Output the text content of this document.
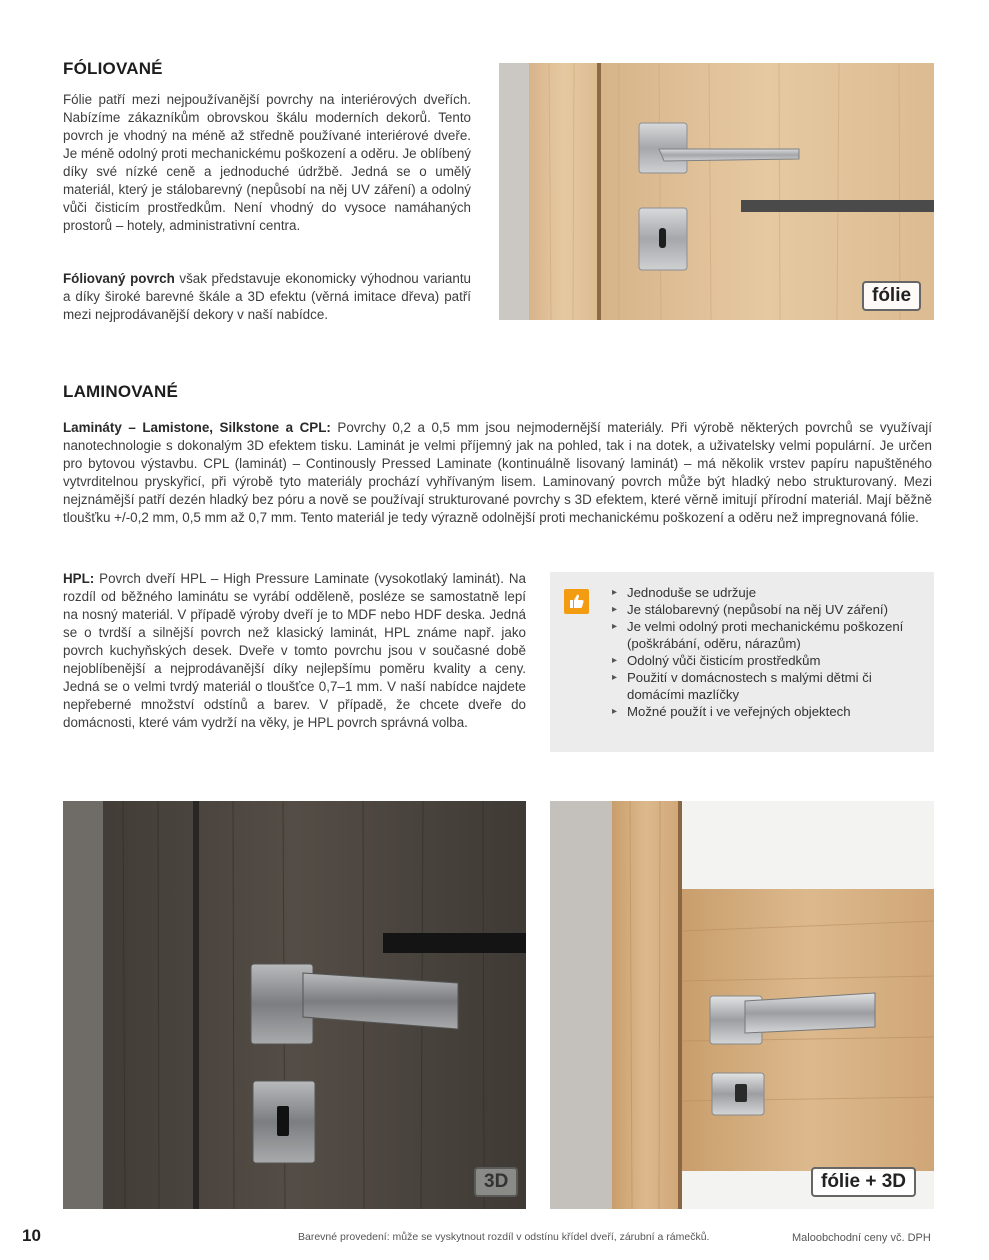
FÓLIOVANÉ
Fólie patří mezi nejpoužívanější povrchy na interiérových dveřích. Nabízíme zákazníkům obrovskou škálu moderních dekorů. Tento povrch je vhodný na méně až středně používané interiérové dveře. Je méně odolný proti mechanickému poškození a oděru. Je oblíbený díky své nízké ceně a jednoduché údržbě. Jedná se o umělý materiál, který je stálobarevný (nepůsobí na něj UV záření) a odolný vůči čisticím prostředkům. Není vhodný do vysoce namáhaných prostorů – hotely, administrativní centra.
Fóliovaný povrch však představuje ekonomicky výhodnou variantu a díky široké barevné škále a 3D efektu (věrná imitace dřeva) patří mezi nejprodávanější dekory v naší nabídce.
fólie
LAMINOVANÉ
Lamináty – Lamistone, Silkstone a CPL: Povrchy 0,2 a 0,5 mm jsou nejmodernější materiály. Při výrobě některých povrchů se využívají nanotechnologie s dokonalým 3D efektem tisku. Laminát je velmi příjemný jak na pohled, tak i na dotek, a uživatelsky velmi populární. Je určen pro bytovou výstavbu. CPL (laminát) – Continously Pressed Laminate (kontinuálně lisovaný laminát) – má několik vrstev papíru napuštěného vytvrditelnou pryskyřicí, při výrobě tyto materiály prochází vyhřívaným lisem. Laminovaný povrch může být hladký nebo strukturovaný. Mezi nejznámější patří dezén hladký bez póru a nově se používají strukturované povrchy s 3D efektem, které věrně imitují přírodní materiál. Mají běžně tloušťku +/-0,2 mm, 0,5 mm až 0,7 mm. Tento materiál je tedy výrazně odolnější proti mechanickému poškození a oděru než impregnovaná fólie.
HPL: Povrch dveří HPL – High Pressure Laminate (vysokotlaký laminát). Na rozdíl od běžného laminátu se vyrábí odděleně, posléze se samostatně lepí na nosný materiál. V případě výroby dveří je to MDF nebo HDF deska. Jedná se o tvrdší a silnější povrch než klasický laminát, HPL známe např. jako povrch kuchyňských desek. Dveře v tomto povrchu jsou v současné době nejoblíbenější a nejprodávanější díky nejlepšímu poměru kvality a ceny. Jedná se o velmi tvrdý materiál o tloušťce 0,7–1 mm. V naší nabídce najdete nepřeberné množství odstínů a barev. V případě, že chcete dveře do domácnosti, které vám vydrží na věky, je HPL povrch správná volba.
▸ Jednoduše se udržuje
▸ Je stálobarevný (nepůsobí na něj UV záření)
▸ Je velmi odolný proti mechanickému poškození (poškrábání, oděru, nárazům)
▸ Odolný vůči čisticím prostředkům
▸ Použití v domácnostech s malými dětmi či domácími mazlíčky
▸ Možné použít i ve veřejných objektech
3D	fólie + 3D
10	Barevné provedení: může se vyskytnout rozdíl v odstínu křídel dveří, zárubní a rámečků.	Maloobchodní ceny vč. DPH
